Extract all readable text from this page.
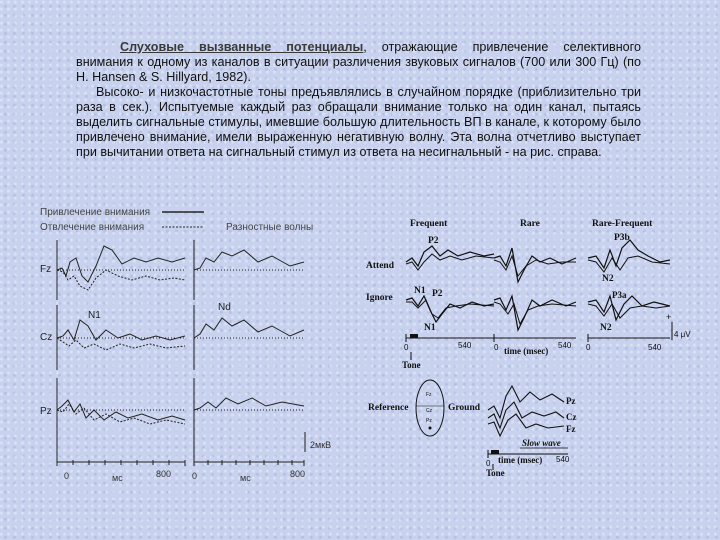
Слуховые вызванные потенциалы, отражающие привлечение селективного внимания к одному из каналов в ситуации различения звуковых сигналов (700 или 300 Гц) (по H. Hansen & S. Hillyard, 1982).

Высоко- и низкочастотные тоны предъявлялись в случайном порядке (приблизительно три раза в сек.). Испытуемые каждый раз обращали внимание только на один канал, пытаясь выделить сигнальные стимулы, имевшие большую длительность ВП в канале, к которому было привлечено внимание, имели выраженную негативную волну. Эта волна отчетливо выступает при вычитании ответа на сигнальный стимул из ответа на несигнальный - на рис. справа.

Привлечение внимания
Отвлечение внимания	Разностные волны
Fz
Cz
N1
Nd
Pz
0	мс	800 0	мс	800
2мкВ
Frequent	Rare	Rare-Frequent
Attend
Ignore
P2	P3b
N2
N1 P2	P3a
N1	N2
540
0
Tone
0	540
time (msec)	0	540
+
4 μV
Reference
Fz
Cz
Pz
Ground
Pz
Cz
Fz
Slow wave
0	540
time (msec)
Tone
